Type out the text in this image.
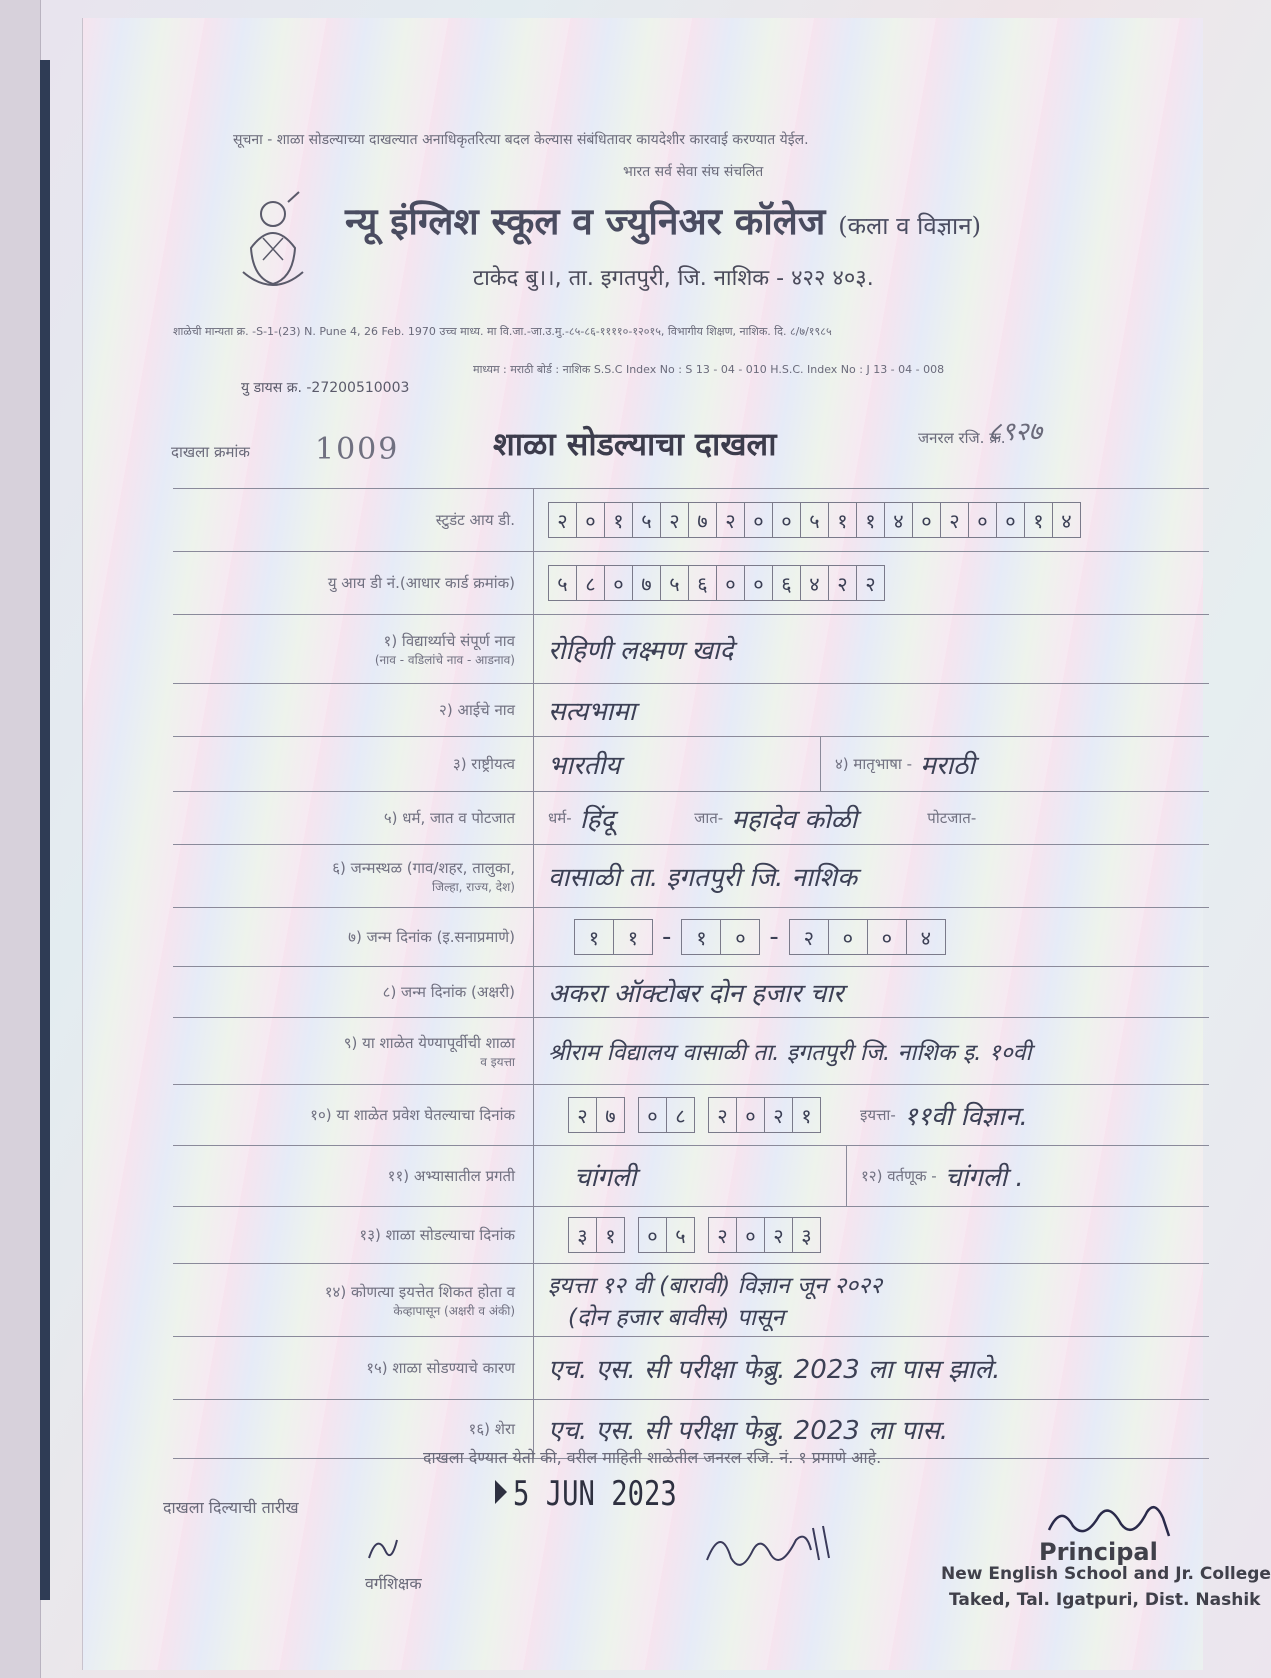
सूचना - शाळा सोडल्याच्या दाखल्यात अनाधिकृतरित्या बदल केल्यास संबंधितावर कायदेशीर कारवाई करण्यात येईल.
भारत सर्व सेवा संघ संचलित
न्यू इंग्लिश स्कूल व ज्युनिअर कॉलेज (कला व विज्ञान)
टाकेद बु।।, ता. इगतपुरी, जि. नाशिक - ४२२ ४०३.
शाळेची मान्यता क्र. -S-1-(23) N. Pune 4, 26 Feb. 1970 उच्च माध्य. मा वि.जा.-जा.उ.मु.-८५-८६-११११०-१२०१५, विभागीय शिक्षण, नाशिक. दि. ८/७/१९८५
माध्यम : मराठी बोर्ड : नाशिक S.S.C Index No : S 13 - 04 - 010 H.S.C. Index No : J 13 - 04 - 008
यु डायस क्र. -27200510003
दाखला क्रमांक 1009	शाळा सोडल्याचा दाखला	जनरल रजि. क्र.
८९२७
स्टुडंट आय डी.	२ ० १ ५ २ ७ २ ० ० ५ १ १ ४ ० २ ० ० १ ४
यु आय डी नं.(आधार कार्ड क्रमांक)	५ ८ ० ७ ५ ६ ० ० ६ ४ २ २
१) विद्यार्थ्याचे संपूर्ण नाव
(नाव - वडिलांचे नाव - आडनाव)	रोहिणी लक्ष्मण खादे
२) आईचे नाव	सत्यभामा
३) राष्ट्रीयत्व	भारतीय	४) मातृभाषा -
मराठी
५) धर्म, जात व पोटजात धर्म-
हिंदू	जात-
महादेव कोळी	पोटजात-
६) जन्मस्थळ (गाव/शहर, तालुका,
जिल्हा, राज्य, देश)	वासाळी ता. इगतपुरी जि. नाशिक
७) जन्म दिनांक (इ.सनाप्रमाणे)	१	१ -	१	० -	२	०	०	४
८) जन्म दिनांक (अक्षरी)	अकरा ऑक्टोबर दोन हजार चार
९) या शाळेत येण्यापूर्वीची शाळा
व इयत्ता	श्रीराम विद्यालय वासाळी ता. इगतपुरी जि. नाशिक इ. १०वी
१०) या शाळेत प्रवेश घेतल्याचा दिनांक	२ ७	० ८	२ ० २ १	इयत्ता-
११वी विज्ञान.
११) अभ्यासातील प्रगती	चांगली	१२) वर्तणूक -
चांगली .
१३) शाळा सोडल्याचा दिनांक	३ १	० ५	२ ० २ ३
१४) कोणत्या इयत्तेत शिकत होता व
केव्हापासून (अक्षरी व अंकी)
इयत्ता १२ वी (बारावी) विज्ञान जून २०२२
(दोन हजार बावीस) पासून
१५) शाळा सोडण्याचे कारण	एच. एस. सी परीक्षा फेब्रु. 2023 ला पास झाले.
१६) शेरा	एच. एस. सी परीक्षा फेब्रु. 2023 ला पास.
दाखला देण्यात येतो की, वरील माहिती शाळेतील जनरल रजि. नं. १ प्रमाणे आहे.
दाखला दिल्याची तारीख	5 JUN 2023
वर्गशिक्षक
Principal
New English School and Jr. College
Taked, Tal. Igatpuri, Dist. Nashik
